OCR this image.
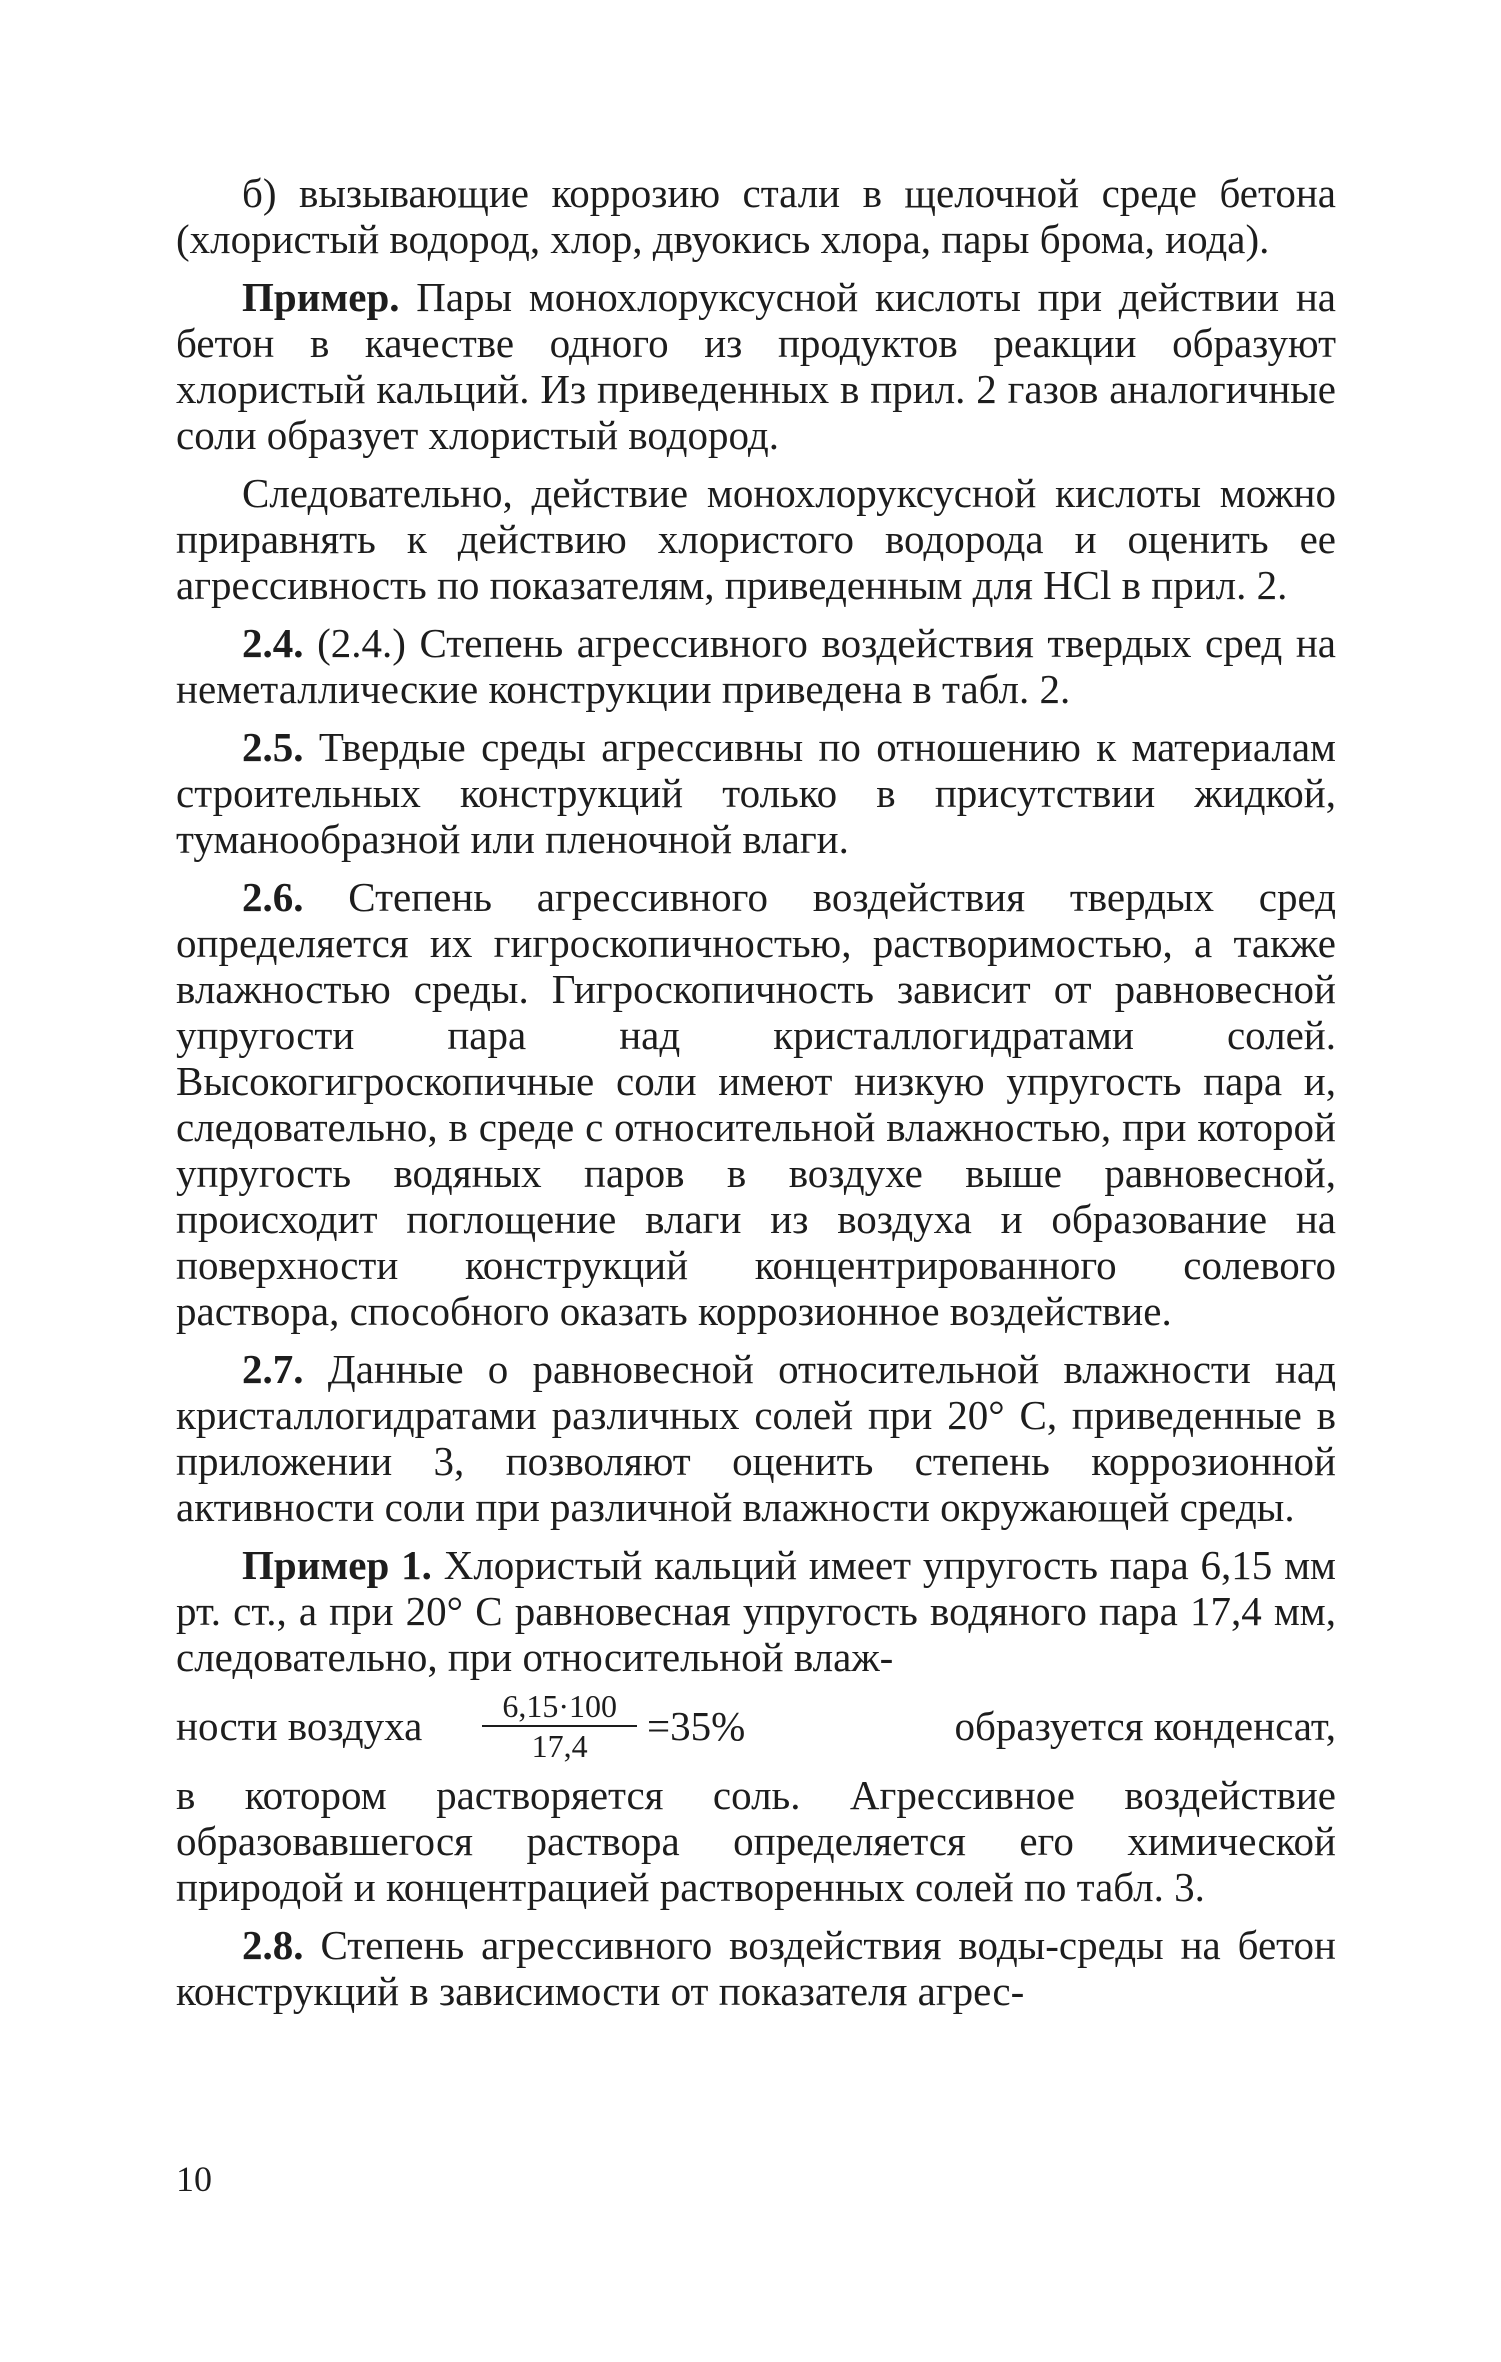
б) вызывающие коррозию стали в щелочной среде бетона (хлористый водород, хлор, двуокись хлора, пары брома, иода).

Пример. Пары монохлоруксусной кислоты при действии на бетон в качестве одного из продуктов реакции образуют хлористый кальций. Из приведенных в прил. 2 газов аналогичные соли образует хлористый водород.

Следовательно, действие монохлоруксусной кислоты можно приравнять к действию хлористого водорода и оценить ее агрессивность по показателям, приведенным для НСl в прил. 2.

2.4. (2.4.) Степень агрессивного воздействия твердых сред на неметаллические конструкции приведена в табл. 2.

2.5. Твердые среды агрессивны по отношению к материалам строительных конструкций только в присутствии жидкой, туманообразной или пленочной влаги.

2.6. Степень агрессивного воздействия твердых сред определяется их гигроскопичностью, растворимостью, а также влажностью среды. Гигроскопичность зависит от равновесной упругости пара над кристаллогидратами солей. Высокогигроскопичные соли имеют низкую упругость пара и, следовательно, в среде с относительной влажностью, при которой упругость водяных паров в воздухе выше равновесной, происходит поглощение влаги из воздуха и образование на поверхности конструкций концентрированного солевого раствора, способного оказать коррозионное воздействие.

2.7. Данные о равновесной относительной влажности над кристаллогидратами различных солей при 20° С, приведенные в приложении 3, позволяют оценить степень коррозионной активности соли при различной влажности окружающей среды.

Пример 1. Хлористый кальций имеет упругость пара 6,15 мм рт. ст., а при 20° С равновесная упругость водяного пара 17,4 мм, следовательно, при относительной влаж-

ности воздуха $\frac{6,15\cdot 100}{17,4} =35\%$	образуется конденсат,

в котором растворяется соль. Агрессивное воздействие образовавшегося раствора определяется его химической природой и концентрацией растворенных солей по табл. 3.

2.8. Степень агрессивного воздействия воды-среды на бетон конструкций в зависимости от показателя агрес-

10
